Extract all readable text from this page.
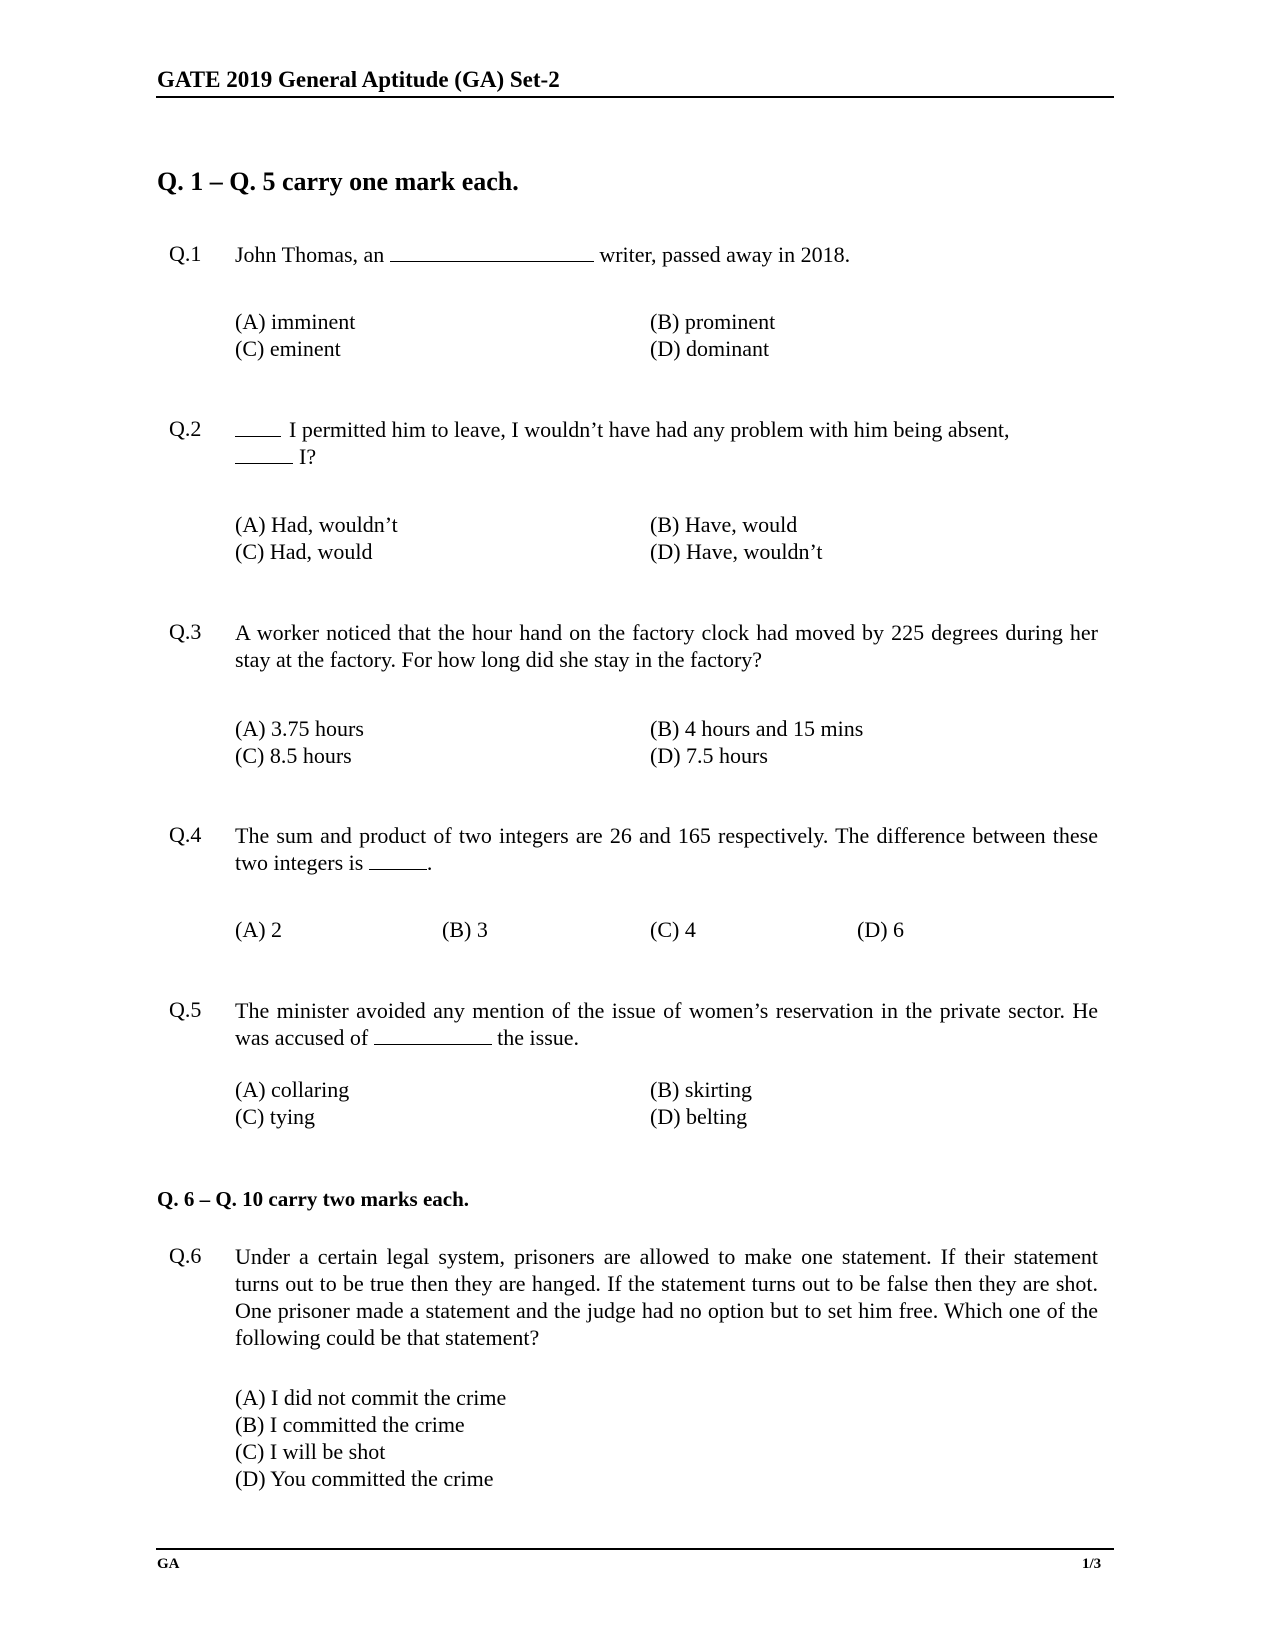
GATE 2019 General Aptitude (GA) Set-2
Q. 1 – Q. 5 carry one mark each.
Q.1 John Thomas, an	writer, passed away in 2018.
(A) imminent	(B) prominent
(C) eminent	(D) dominant
Q.2	I permitted him to leave, I wouldn’t have had any problem with him being absent,
I?
(A) Had, wouldn’t	(B) Have, would
(C) Had, would	(D) Have, wouldn’t
Q.3 A worker noticed that the hour hand on the factory clock had moved by 225 degrees during her stay at the factory. For how long did she stay in the factory?
(A) 3.75 hours	(B) 4 hours and 15 mins
(C) 8.5 hours	(D) 7.5 hours
Q.4 The sum and product of two integers are 26 and 165 respectively. The difference between these two integers is	.
(A) 2	(B) 3	(C) 4	(D) 6
Q.5 The minister avoided any mention of the issue of women’s reservation in the private sector. He was accused of	the issue.
(A) collaring	(B) skirting
(C) tying	(D) belting
Q. 6 – Q. 10 carry two marks each.
Q.6 Under a certain legal system, prisoners are allowed to make one statement. If their statement turns out to be true then they are hanged. If the statement turns out to be false then they are shot. One prisoner made a statement and the judge had no option but to set him free. Which one of the following could be that statement?
(A) I did not commit the crime
(B) I committed the crime
(C) I will be shot
(D) You committed the crime
GA	1/3
